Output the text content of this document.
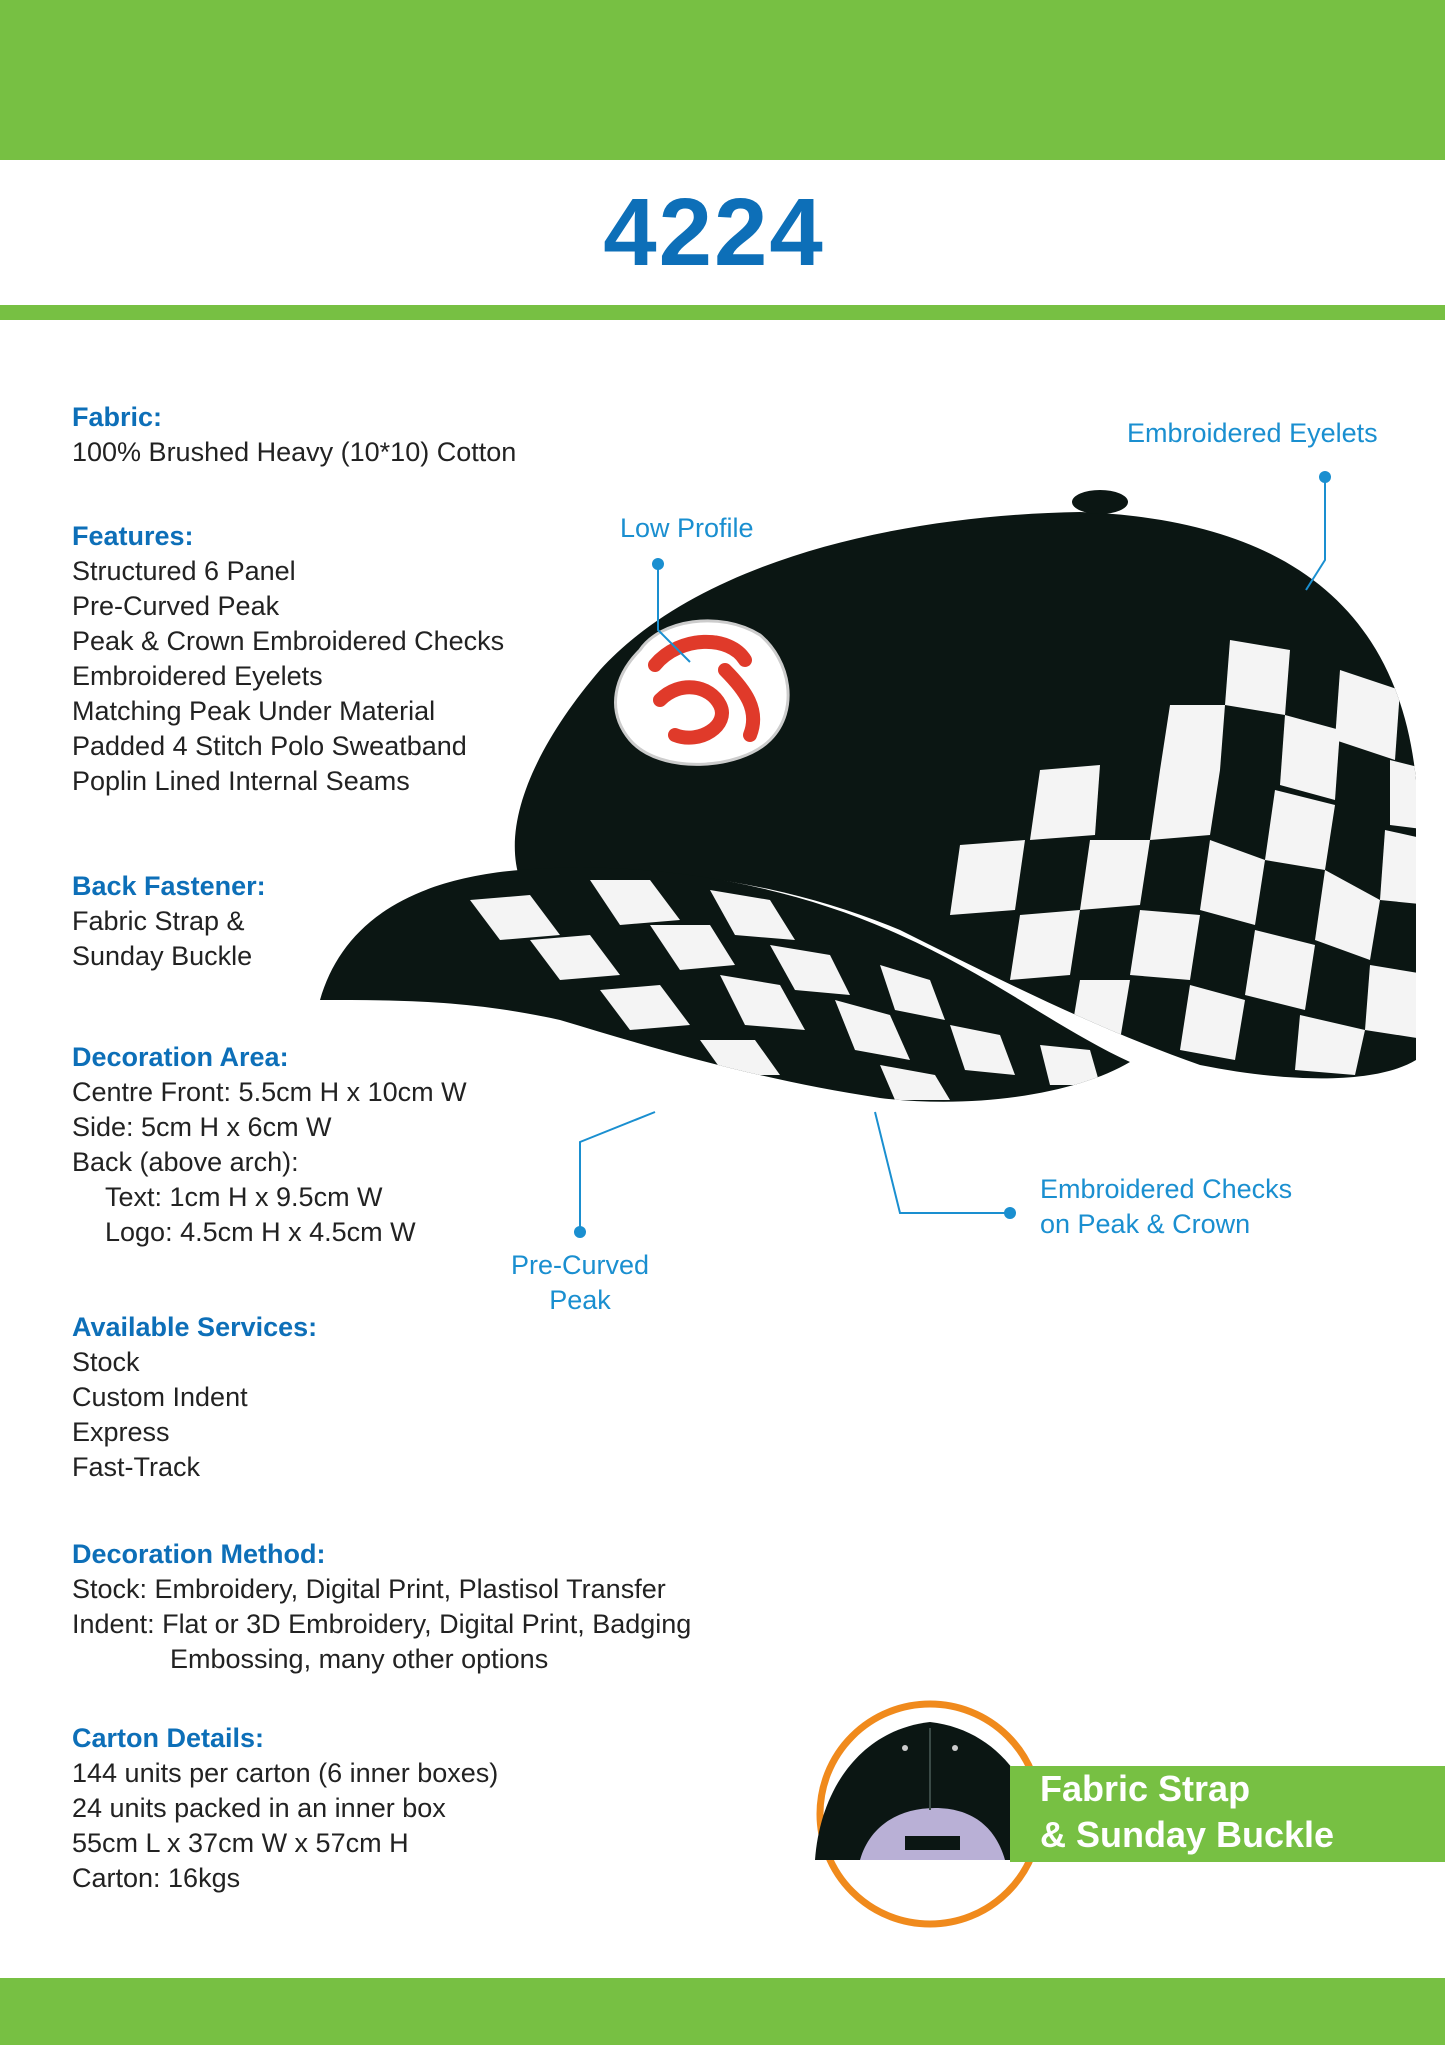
4224
Fabric:
100% Brushed Heavy (10*10) Cotton
Features:
Structured 6 Panel
Pre-Curved Peak
Peak & Crown Embroidered Checks
Embroidered Eyelets
Matching Peak Under Material
Padded 4 Stitch Polo Sweatband
Poplin Lined Internal Seams
Back Fastener:
Fabric Strap &
Sunday Buckle
Decoration Area:
Centre Front: 5.5cm H x 10cm W
Side: 5cm H x 6cm W
Back (above arch):
Text: 1cm H x 9.5cm W
Logo: 4.5cm H x 4.5cm W
Available Services:
Stock
Custom Indent
Express
Fast-Track
Decoration Method:
Stock: Embroidery, Digital Print, Plastisol Transfer
Indent: Flat or 3D Embroidery, Digital Print, Badging
Embossing, many other options
Carton Details:
144 units per carton (6 inner boxes)
24 units packed in an inner box
55cm L x 37cm W x 57cm H
Carton: 16kgs
Embroidered Eyelets
Low Profile
Pre-Curved
Peak
Embroidered Checks
on Peak & Crown
Fabric Strap
& Sunday Buckle
